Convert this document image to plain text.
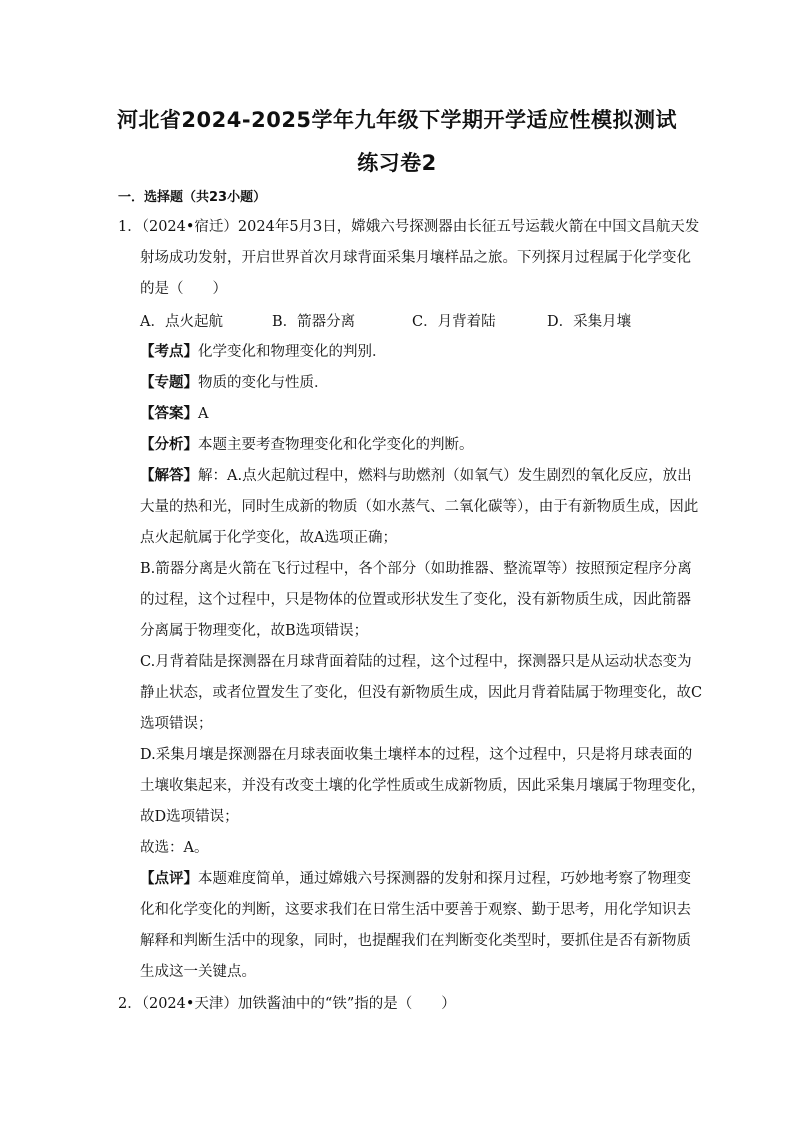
河北省2024-2025学年九年级下学期开学适应性模拟测试
练习卷2
一．选择题（共23小题）
1．（2024•宿迁）2024年5月3日，嫦娥六号探测器由长征五号运载火箭在中国文昌航天发
射场成功发射，开启世界首次月球背面采集月壤样品之旅。下列探月过程属于化学变化
的是（　　）
A．点火起航	B．箭器分离	C．月背着陆	D．采集月壤
【考点】化学变化和物理变化的判别．
【专题】物质的变化与性质．
【答案】A
【分析】本题主要考查物理变化和化学变化的判断。
【解答】解：A.点火起航过程中，燃料与助燃剂（如氧气）发生剧烈的氧化反应，放出
大量的热和光，同时生成新的物质（如水蒸气、二氧化碳等），由于有新物质生成，因此
点火起航属于化学变化，故A选项正确；
B.箭器分离是火箭在飞行过程中，各个部分（如助推器、整流罩等）按照预定程序分离
的过程，这个过程中，只是物体的位置或形状发生了变化，没有新物质生成，因此箭器
分离属于物理变化，故B选项错误；
C.月背着陆是探测器在月球背面着陆的过程，这个过程中，探测器只是从运动状态变为
静止状态，或者位置发生了变化，但没有新物质生成，因此月背着陆属于物理变化，故C
选项错误；
D.采集月壤是探测器在月球表面收集土壤样本的过程，这个过程中，只是将月球表面的
土壤收集起来，并没有改变土壤的化学性质或生成新物质，因此采集月壤属于物理变化，
故D选项错误；
故选：A。
【点评】本题难度简单，通过嫦娥六号探测器的发射和探月过程，巧妙地考察了物理变
化和化学变化的判断，这要求我们在日常生活中要善于观察、勤于思考，用化学知识去
解释和判断生活中的现象，同时，也提醒我们在判断变化类型时，要抓住是否有新物质
生成这一关键点。
2．（2024•天津）加铁酱油中的“铁”指的是（　　）
